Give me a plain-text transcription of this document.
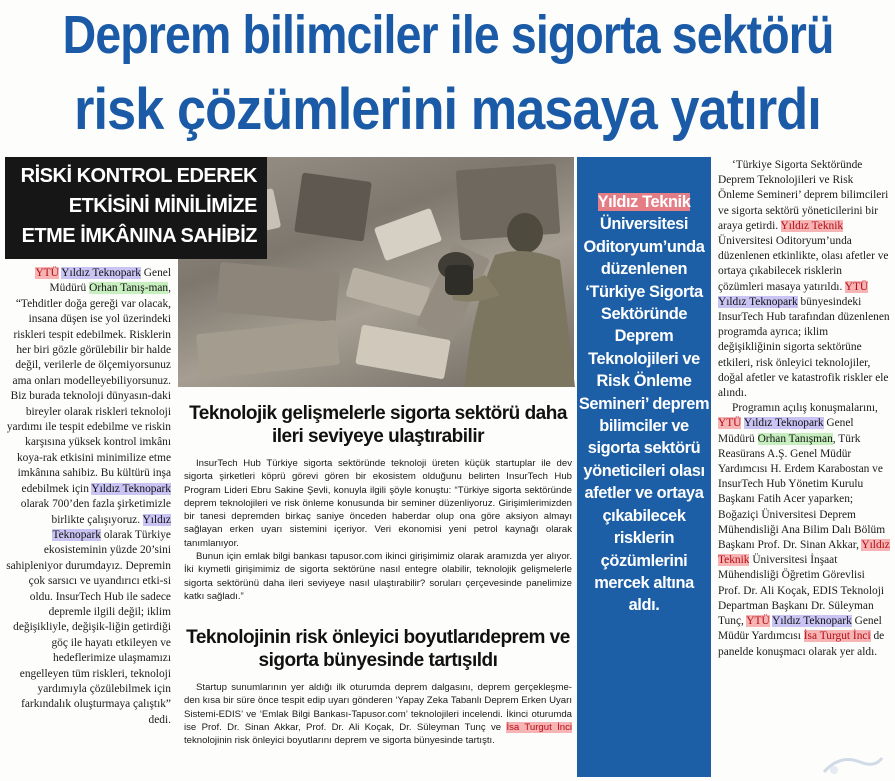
Deprem bilimciler ile sigorta sektörü
risk çözümlerini masaya yatırdı
RİSKİ KONTROL EDEREK
ETKİSİNİ MİNİLİMİZE
ETME İMKÂNINA SAHİBİZ

YTÜ Yıldız Teknopark Genel Müdürü Orhan Tanış-man, “Tehditler doğa gereği var olacak, insana düşen ise yol üzerindeki riskleri tespit edebilmek. Risklerin her biri gözle görülebilir bir halde değil, verilerle de ölçemiyorsunuz ama onları modelleyebiliyorsunuz. Biz burada teknoloji dünyasın-daki bireyler olarak riskleri teknoloji yardımı ile tespit edebilme ve riskin karşısına yüksek kontrol imkânı koya-rak etkisini minimilize etme imkânına sahibiz. Bu kültürü inşa edebilmek için Yıldız Teknopark olarak 700’den fazla şirketimizle birlikte çalışıyoruz. Yıldız Teknopark olarak Türkiye ekosisteminin yüzde 20’sini sahipleniyor durumdayız. Depremin çok sarsıcı ve uyandırıcı etki-si oldu. InsurTech Hub ile sadece depremle ilgili değil; iklim değişikliyle, değişik-liğin getirdiği göç ile hayatı etkileyen ve hedeflerimize ulaşmamızı engelleyen tüm riskleri, teknoloji yardımıyla çözülebilmek için farkındalık oluşturmaya çalıştık” dedi.

Teknolojik gelişmelerle sigorta sektörü daha ileri seviyeye ulaştırabilir

InsurTech Hub Türkiye sigorta sektöründe teknoloji üreten küçük startuplar ile dev sigorta şirketleri köprü görevi gören bir ekosistem olduğunu belirten InsurTech Hub Program Lideri Ebru Sakine Şevli, konuyla ilgili şöyle konuştu: “Türkiye sigorta sektöründe deprem teknolojileri ve risk önleme konusunda bir seminer düzenliyoruz. Girişimlerimizden bir tanesi depremden birkaç saniye önceden haberdar olup ona göre aksiyon almayı sağlayan erken uyarı sistemini içeriyor. Veri ekonomisi yeni petrol kaynağı olarak tanımlanıyor.

Bunun için emlak bilgi bankası tapusor.com ikinci girişimimiz olarak aramızda yer alıyor. İki kıymetli girişimimiz de sigorta sektörüne nasıl entegre olabilir, teknolojik gelişmelerle sigorta sektörünü daha ileri seviyeye nasıl ulaştırabilir? soruları çerçevesinde panelimize katkı sağladı.”

Teknolojinin risk önleyici boyutlarıdeprem ve sigorta bünyesinde tartışıldı

Startup sunumlarının yer aldığı ilk oturumda deprem dalgasını, deprem gerçekleşme-den kısa bir süre önce tespit edip uyarı gönderen ‘Yapay Zeka Tabanlı Deprem Erken Uyarı Sistemi-EDIS’ ve ‘Emlak Bilgi Bankası-Tapusor.com’ teknolojileri incelendi. İkinci oturumda ise Prof. Dr. Sinan Akkar, Prof. Dr. Ali Koçak, Dr. Süleyman Tunç ve İsa Turgut İnci teknolojinin risk önleyici boyutlarını deprem ve sigorta bünyesinde tartıştı.

Yıldız Teknik Üniversitesi Oditoryum’unda düzenlenen ‘Türkiye Sigorta Sektöründe Deprem Teknolojileri ve Risk Önleme Semineri’ deprem bilimciler ve sigorta sektörü yöneticileri olası afetler ve ortaya çıkabilecek risklerin çözümlerini mercek altına aldı.

‘Türkiye Sigorta Sektöründe Deprem Teknolojileri ve Risk Önleme Semineri’ deprem bilimcileri ve sigorta sektörü yöneticilerini bir araya getirdi. Yıldız Teknik Üniversitesi Oditoryum’unda düzenlenen etkinlikte, olası afetler ve ortaya çıkabilecek risklerin çözümleri masaya yatırıldı. YTÜ Yıldız Teknopark bünyesindeki InsurTech Hub tarafından düzenlenen programda ayrıca; iklim değişikliğinin sigorta sektörüne etkileri, risk önleyici teknolojiler, doğal afetler ve katastrofik riskler ele alındı.

Programın açılış konuşmalarını, YTÜ Yıldız Teknopark Genel Müdürü Orhan Tanışman, Türk Reasürans A.Ş. Genel Müdür Yardımcısı H. Erdem Karabostan ve InsurTech Hub Yönetim Kurulu Başkanı Fatih Acer yaparken; Boğaziçi Üniversitesi Deprem Mühendisliği Ana Bilim Dalı Bölüm Başkanı Prof. Dr. Sinan Akkar, Yıldız Teknik Üniversitesi İnşaat Mühendisliği Öğretim Görevlisi Prof. Dr. Ali Koçak, EDIS Teknoloji Departman Başkanı Dr. Süleyman Tunç, YTÜ Yıldız Teknopark Genel Müdür Yardımcısı İsa Turgut İnci de panelde konuşmacı olarak yer aldı.
